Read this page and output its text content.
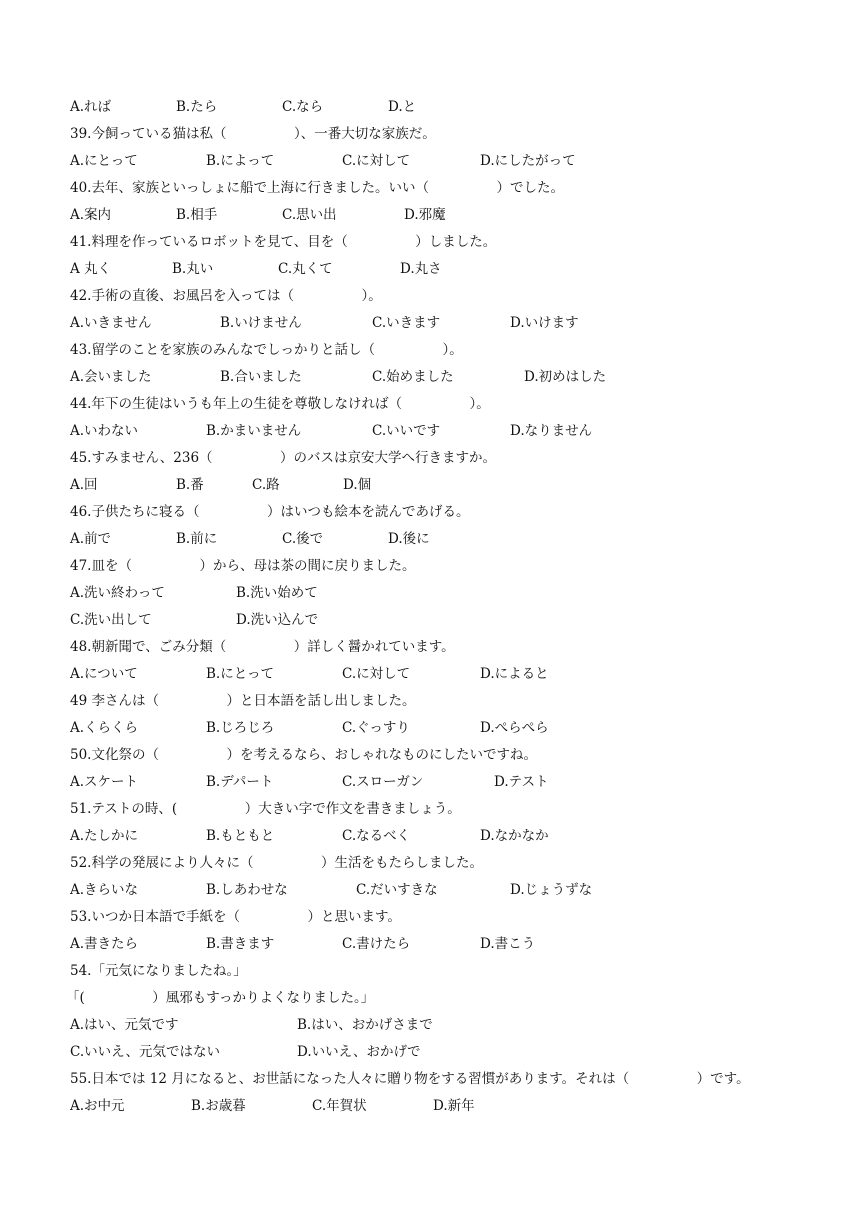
A.れば	B.たら	C.なら	D.と
39.今飼っている猫は私（　　　　　）、一番大切な家族だ。
A.にとって	B.によって	C.に対して	D.にしたがって
40.去年、家族といっしょに船で上海に行きました。いい（　　　　　）でした。
A.案内	B.相手	C.思い出	D.邪魔
41.料理を作っているロボットを見て、目を（　　　　　）しました。
A 丸く	B.丸い	C.丸くて	D.丸さ
42.手術の直後、お風呂を入っては（　　　　　）。
A.いきません	B.いけません	C.いきます	D.いけます
43.留学のことを家族のみんなでしっかりと話し（　　　　　）。
A.会いました	B.合いました	C.始めました	D.初めはした
44.年下の生徒はいうも年上の生徒を尊敬しなければ（　　　　　）。
A.いわない	B.かまいません	C.いいです	D.なりません
45.すみません、236（　　　　　）のバスは京安大学へ行きますか。
A.回	B.番	C.路	D.個
46.子供たちに寝る（　　　　　）はいつも絵本を読んであげる。
A.前で	B.前に	C.後で	D.後に
47.皿を（　　　　　）から、母は茶の間に戻りました。
A.洗い終わって	B.洗い始めて
C.洗い出して	D.洗い込んで
48.朝新聞で、ごみ分類（　　　　　）詳しく醤かれています。
A.について	B.にとって	C.に対して	D.によると
49 李さんは（　　　　　）と日本語を話し出しました。
A.くらくら	B.じろじろ	C.ぐっすり	D.ぺらぺら
50.文化祭の（　　　　　）を考えるなら、おしゃれなものにしたいですね。
A.スケート	B.デパート	C.スローガン	D.テスト
51.テストの時、(　　　　　）大きい字で作文を書きましょう。
A.たしかに	B.もともと	C.なるべく	D.なかなか
52.科学の発展により人々に（　　　　　）生活をもたらしました。
A.きらいな	B.しあわせな	C.だいすきな	D.じょうずな
53.いつか日本語で手紙を（　　　　　）と思います。
A.書きたら	B.書きます	C.書けたら	D.書こう
54.「元気になりましたね。」
「(　　　　　）風邪もすっかりよくなりました。」
A.はい、元気です	B.はい、おかげさまで
C.いいえ、元気ではない	D.いいえ、おかげで
55.日本では 12 月になると、お世話になった人々に贈り物をする習慣があります。それは（　　　　　）です。
A.お中元	B.お歳暮	C.年賀状	D.新年
